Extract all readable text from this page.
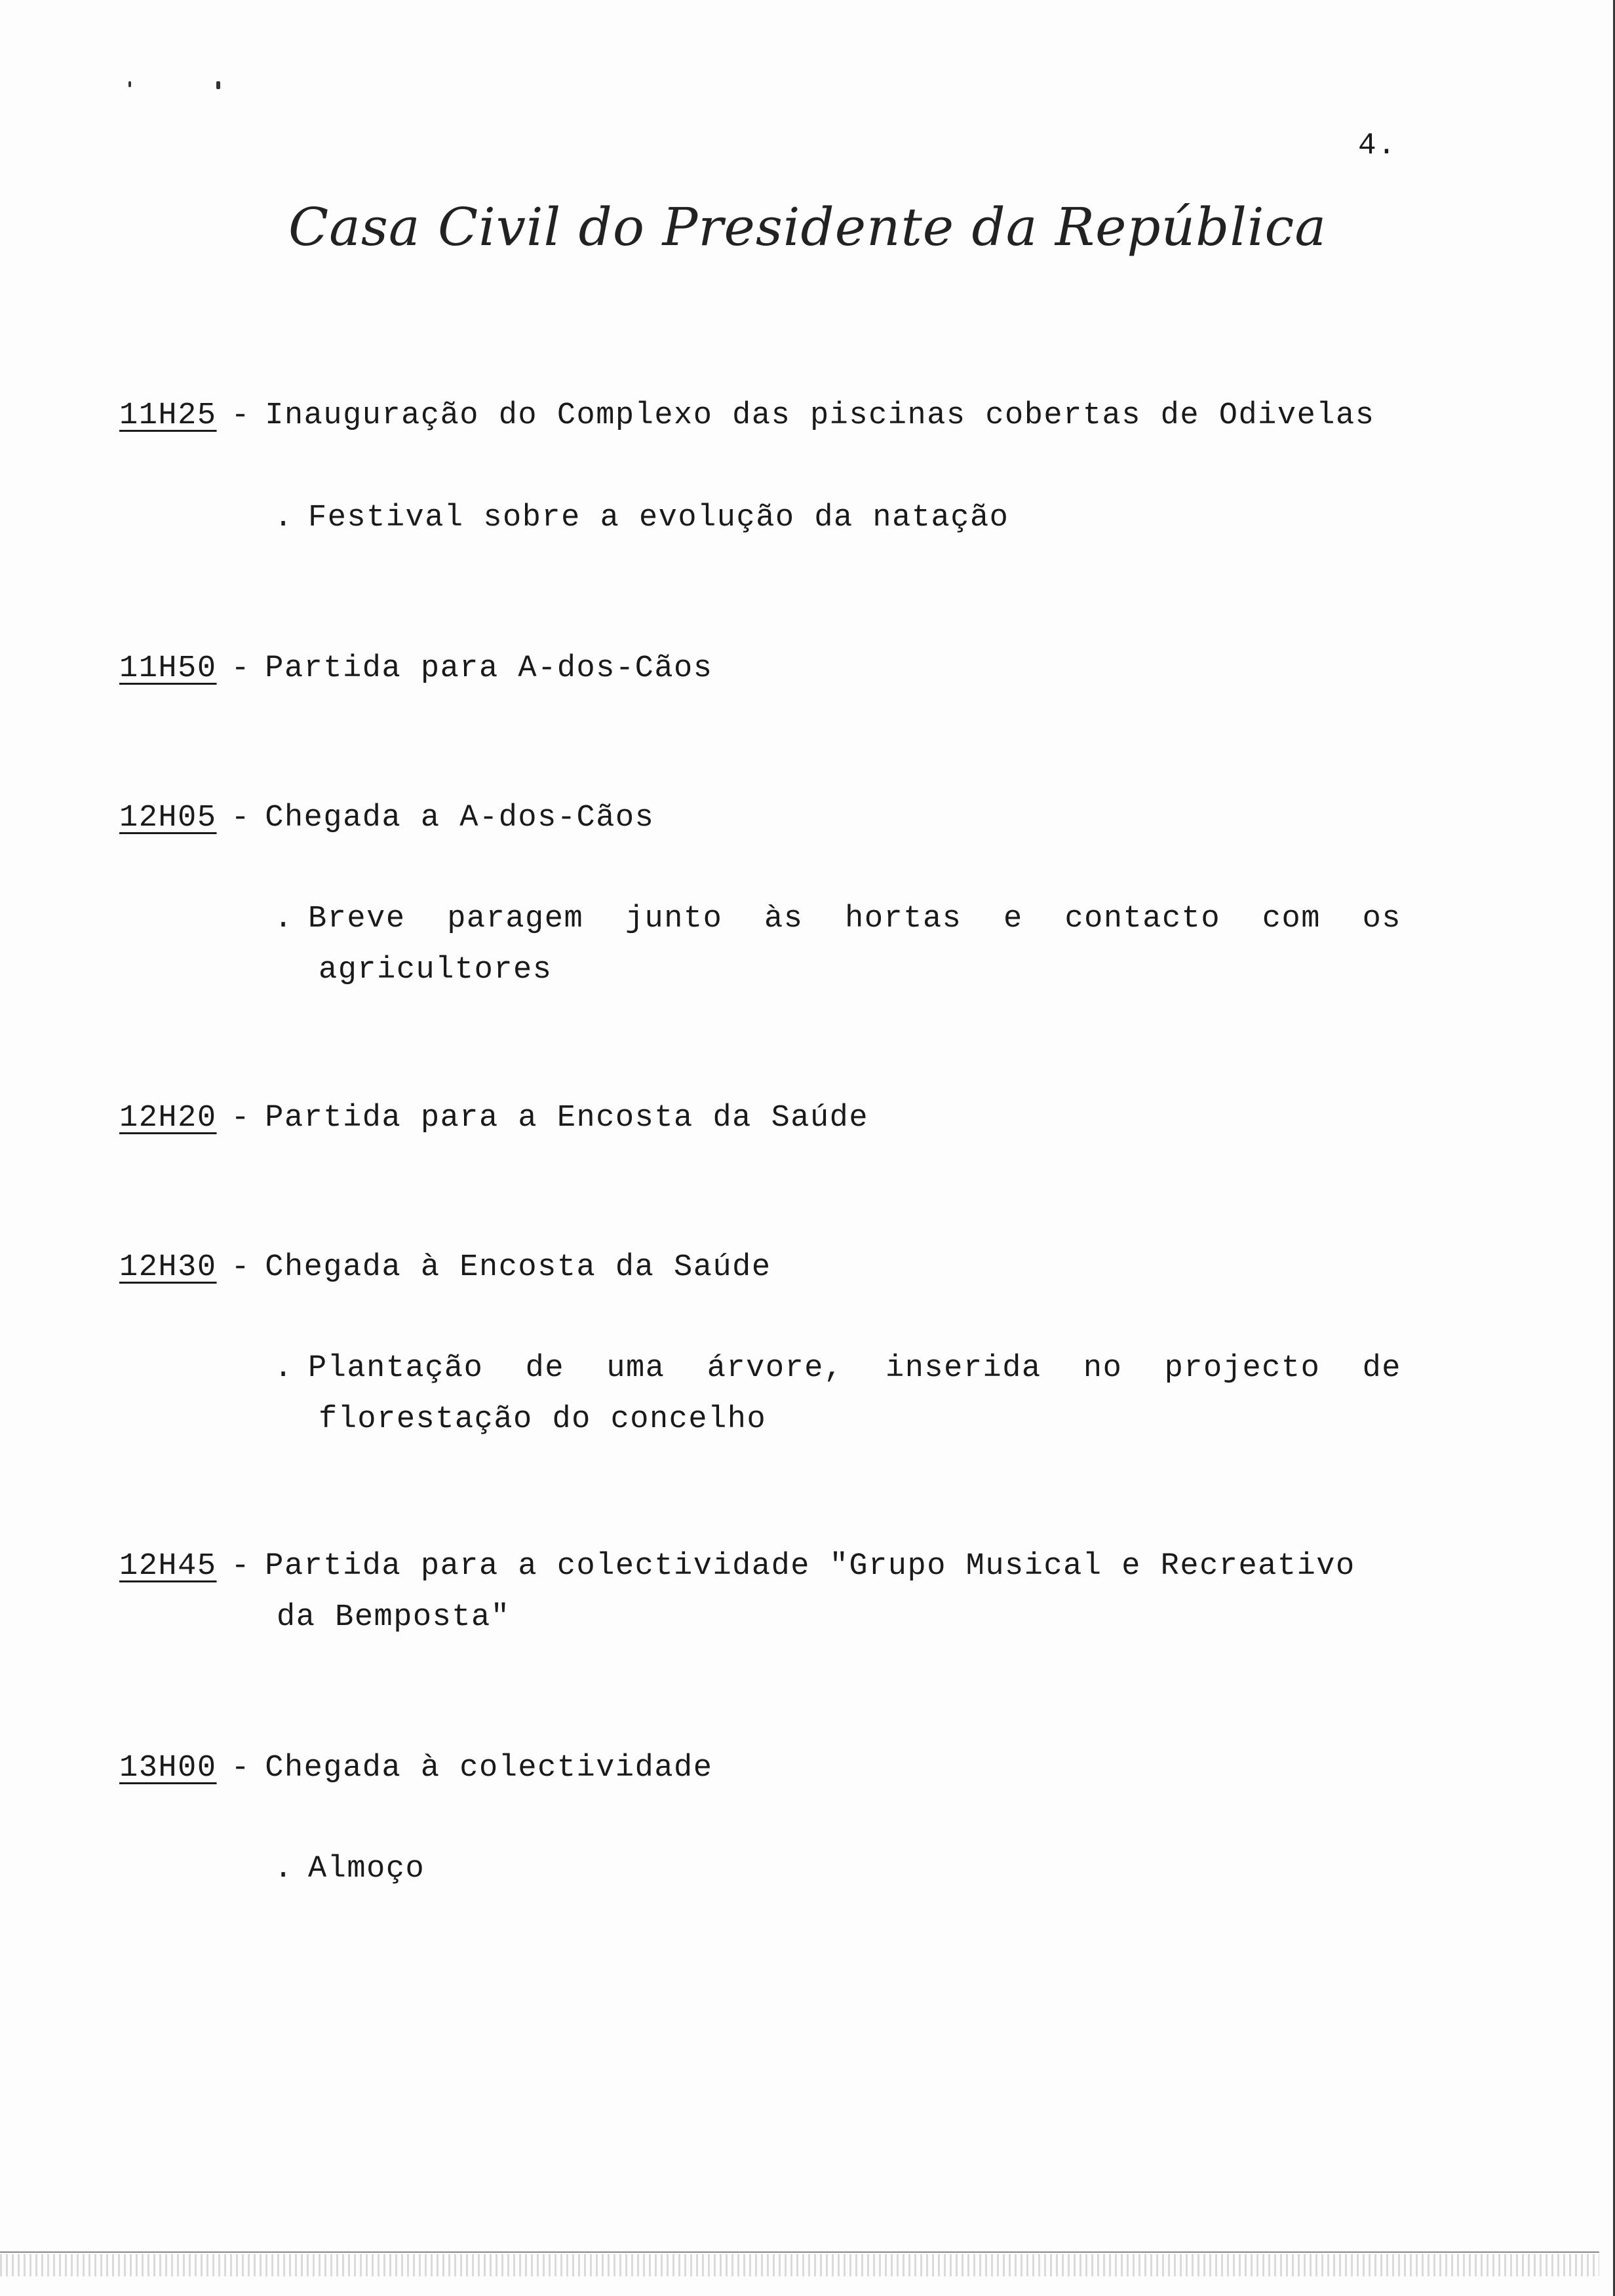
4.
Casa Civil do Presidente da República
11H25 - Inauguração do Complexo das piscinas cobertas de Odivelas
. Festival sobre a evolução da natação
11H50 - Partida para A-dos-Cãos
12H05 - Chegada a A-dos-Cãos
. Breve paragem junto às hortas e contacto com os
agricultores
12H20 - Partida para a Encosta da Saúde
12H30 - Chegada à Encosta da Saúde
. Plantação de uma árvore, inserida no projecto de
florestação do concelho
12H45 - Partida para a colectividade "Grupo Musical e Recreativo
da Bemposta"
13H00 - Chegada à colectividade
. Almoço
